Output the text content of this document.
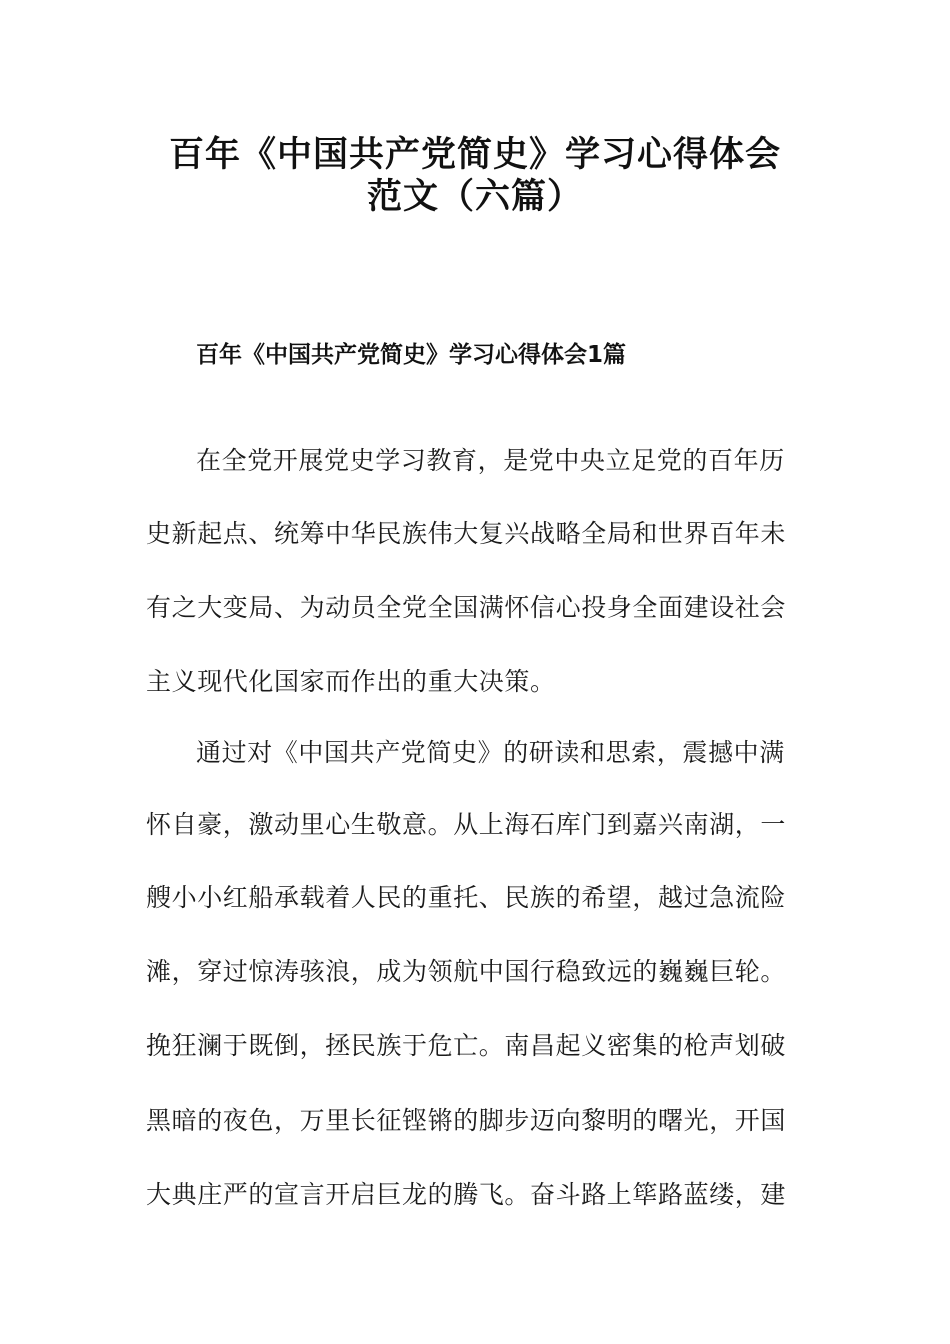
百年《中国共产党简史》学习心得体会
范文（六篇）
百年《中国共产党简史》学习心得体会1篇
在全党开展党史学习教育，是党中央立足党的百年历
史新起点、统筹中华民族伟大复兴战略全局和世界百年未
有之大变局、为动员全党全国满怀信心投身全面建设社会
主义现代化国家而作出的重大决策。
通过对《中国共产党简史》的研读和思索，震撼中满
怀自豪，激动里心生敬意。从上海石库门到嘉兴南湖，一
艘小小红船承载着人民的重托、民族的希望，越过急流险
滩，穿过惊涛骇浪，成为领航中国行稳致远的巍巍巨轮。
挽狂澜于既倒，拯民族于危亡。南昌起义密集的枪声划破
黑暗的夜色，万里长征铿锵的脚步迈向黎明的曙光，开国
大典庄严的宣言开启巨龙的腾飞。奋斗路上筚路蓝缕，建
